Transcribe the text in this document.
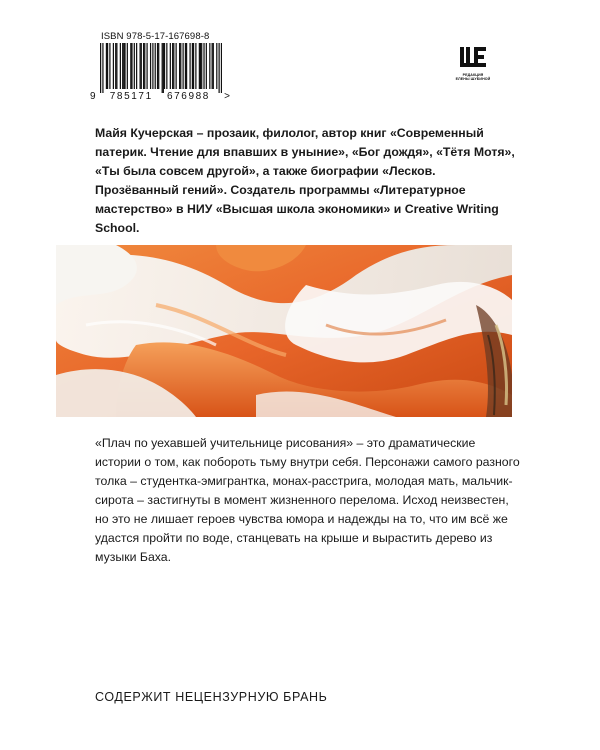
ISBN 978-5-17-167698-8
9 785171 676988 >
РЕДАКЦИЯ
ЕЛЕНЫ ШУБИНОЙ

Майя Кучерская – прозаик, филолог, автор книг «Современный патерик. Чтение для впавших в уныние», «Бог дождя», «Тётя Мотя», «Ты была совсем другой», а также биографии «Лесков. Прозёванный гений». Создатель программы «Литературное мастерство» в НИУ «Высшая школа экономики» и Creative Writing School.

«Плач по уехавшей учительнице рисования» – это драматические истории о том, как побороть тьму внутри себя. Персонажи самого разного толка – студентка-эмигрантка, монах-расстрига, молодая мать, мальчик-сирота – застигнуты в момент жизненного перелома. Исход неизвестен, но это не лишает героев чувства юмора и надежды на то, что им всё же удастся пройти по воде, станцевать на крыше и вырастить дерево из музыки Баха.

СОДЕРЖИТ НЕЦЕНЗУРНУЮ БРАНЬ
